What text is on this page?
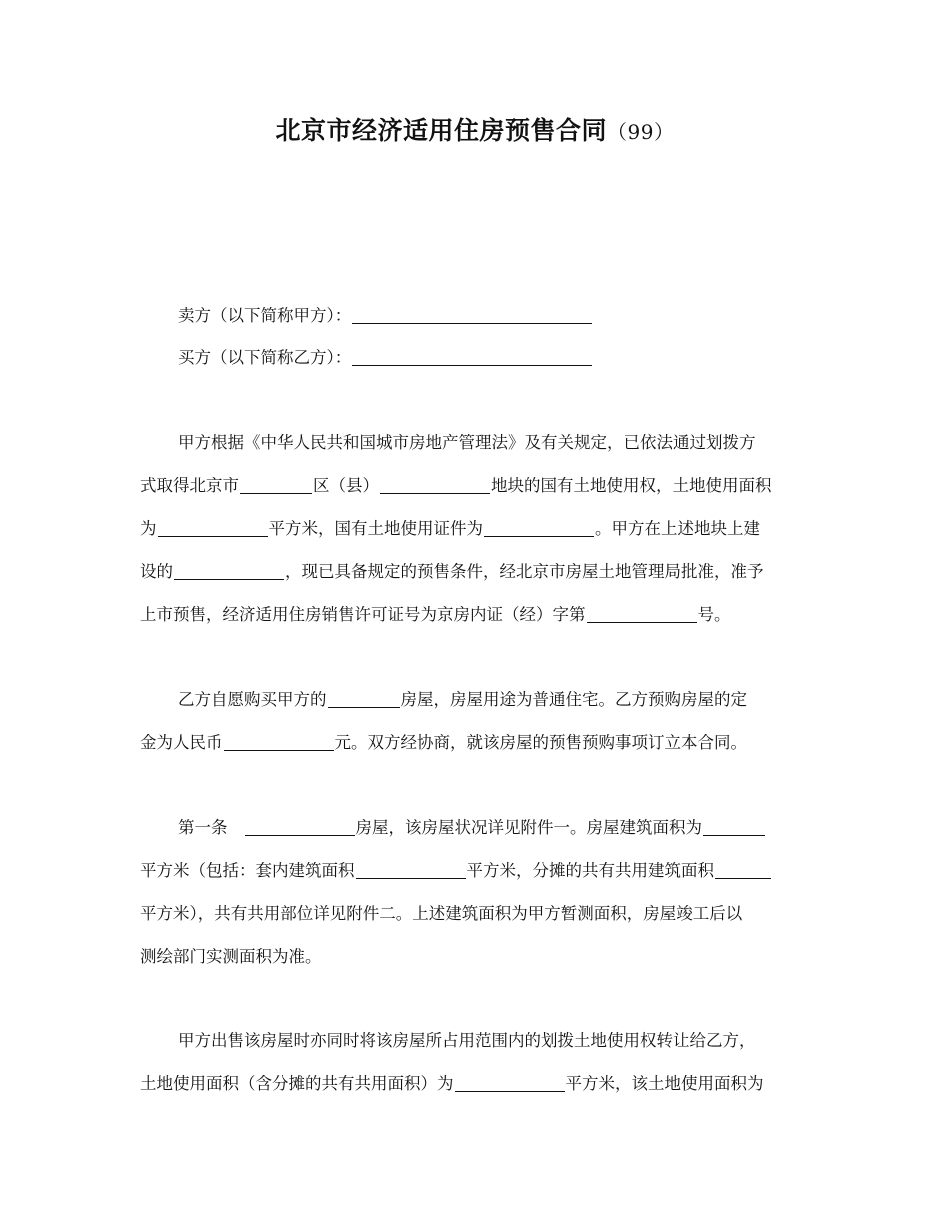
北京市经济适用住房预售合同（99）
卖方（以下简称甲方）：
买方（以下简称乙方）：
甲方根据《中华人民共和国城市房地产管理法》及有关规定，已依法通过划拨方
式取得北京市	区（县）	地块的国有土地使用权，土地使用面积
为	平方米，国有土地使用证件为	。甲方在上述地块上建
设的	，现已具备规定的预售条件，经北京市房屋土地管理局批准，准予
上市预售，经济适用住房销售许可证号为京房内证（经）字第	号。
乙方自愿购买甲方的	房屋，房屋用途为普通住宅。乙方预购房屋的定
金为人民币	元。双方经协商，就该房屋的预售预购事项订立本合同。
第一条	房屋，该房屋状况详见附件一。房屋建筑面积为
平方米（包括：套内建筑面积	平方米，分摊的共有共用建筑面积
平方米），共有共用部位详见附件二。上述建筑面积为甲方暂测面积，房屋竣工后以
测绘部门实测面积为准。
甲方出售该房屋时亦同时将该房屋所占用范围内的划拨土地使用权转让给乙方，
土地使用面积（含分摊的共有共用面积）为	平方米，该土地使用面积为
